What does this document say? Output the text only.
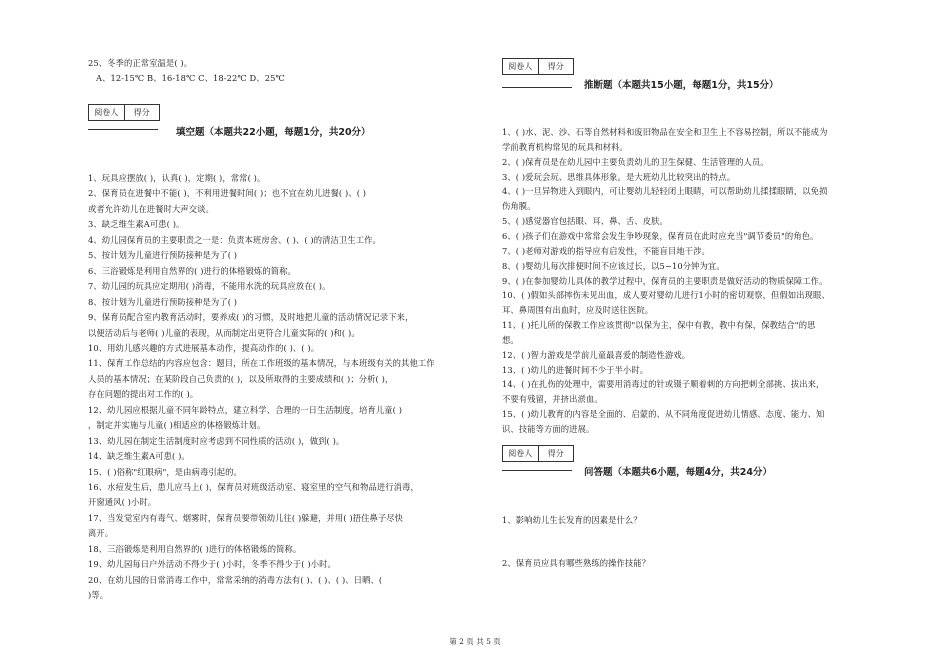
25、冬季的正常室温是( )。
A、12-15℃ B、16-18℃ C、18-22℃ D、25℃
阅卷人	得分
填空题（本题共22小题，每题1分，共20分）
1、玩具应摆放( )，认真( )，定期( )，常常( )。
2、保育员在进餐中不能( )，不利用进餐时间( )；也不宜在幼儿进餐( )、( )
或者允许幼儿在进餐时大声交谈。
3、缺乏维生素A可患( )。
4、幼儿园保育员的主要职责之一是：负责本班房舍、( )、( )的清洁卫生工作。
5、按计划为儿童进行预防接种是为了( )
6、三浴锻炼是利用自然界的( )进行的体格锻炼的简称。
7、幼儿园的玩具应定期用( )消毒，不能用水洗的玩具应放在( )。
8、按计划为儿童进行预防接种是为了( )
9、保育员配合室内教育活动时，要养成( )的习惯，及时地把儿童的活动情况记录下来，
以便活动后与老师( )儿童的表现，从而制定出更符合儿童实际的( )和( )。
10、用幼儿感兴趣的方式进展基本动作，提高动作的( )、( )。
11、保育工作总结的内容应包含：题目，所在工作班级的基本情况，与本班级有关的其他工作
人员的基本情况；在某阶段自己负责的( )，以及所取得的主要成绩和( )；分析( )，
存在问题的提出对工作的( )。
12、幼儿园应根据儿童不同年龄特点，建立科学、合理的一日生活制度，培育儿童( )
，制定并实施与儿童( )相适应的体格锻炼计划。
13、幼儿园在制定生活制度时应考虑到不同性质的活动( )，做到( )。
14、缺乏维生素A可患( )。
15、( )俗称"红眼病"，是由病毒引起的。
16、水痘发生后，患儿应马上( )，保育员对班级活动室、寝室里的空气和物品进行消毒，
开窗通风( )小时。
17、当发觉室内有毒气、烟雾时，保育员要带领幼儿往( )躲避，并用( )捂住鼻子尽快
离开。
18、三浴锻炼是利用自然界的( )进行的体格锻炼的简称。
19、幼儿园每日户外活动不得少于( )小时，冬季不得少于( )小时。
20、在幼儿园的日常消毒工作中，常常采纳的消毒方法有( )、( )、( )、日晒、(
)等。
阅卷人	得分
推断题（本题共15小题，每题1分，共15分）
1、( )水、泥、沙、石等自然材料和废旧物品在安全和卫生上不容易控制，所以不能成为
学前教育机构常见的玩具和材料。
2、( )保育员是在幼儿园中主要负责幼儿的卫生保健、生活管理的人员。
3、( )爱玩会玩、思维具体形象。是大班幼儿比较突出的特点。
4、( )一旦异物进入到眼内，可让婴幼儿轻轻闭上眼睛，可以帮助幼儿揉揉眼睛，以免损
伤角膜。
5、( )感觉器官包括眼、耳、鼻、舌、皮肤。
6、( )孩子们在游戏中常常会发生争吵现象，保育员在此时应充当"调节委员"的角色。
7、( )老师对游戏的指导应有启发性，不能盲目地干涉。
8、( )婴幼儿每次排便时间不应该过长，以5~10分钟为宜。
9、( )在参加婴幼儿具体的教学过程中，保育员的主要职责是做好活动的物质保障工作。
10、( )假如头部摔伤未见出血，成人要对婴幼儿进行1小时的密切观察，但假如出现眼、
耳、鼻周围有出血时，应及时送往医院。
11、( )托儿所的保教工作应该贯彻"以保为主，保中有教，教中有保，保教结合"的思
想。
12、( )智力游戏是学前儿童最喜爱的制造性游戏。
13、( )幼儿的进餐时间不少于半小时。
14、( )在扎伤的处理中，需要用消毒过的针或镊子顺着刺的方向把刺全部挑、拔出来，
不要有残留，并挤出淤血。
15、( )幼儿教育的内容是全面的、启蒙的、从不同角度促进幼儿情感、态度、能力、知
识、技能等方面的进展。
阅卷人	得分
问答题（本题共6小题，每题4分，共24分）
1、影响幼儿生长发育的因素是什么？
2、保育员应具有哪些熟练的操作技能？
第 2 页 共 5 页
